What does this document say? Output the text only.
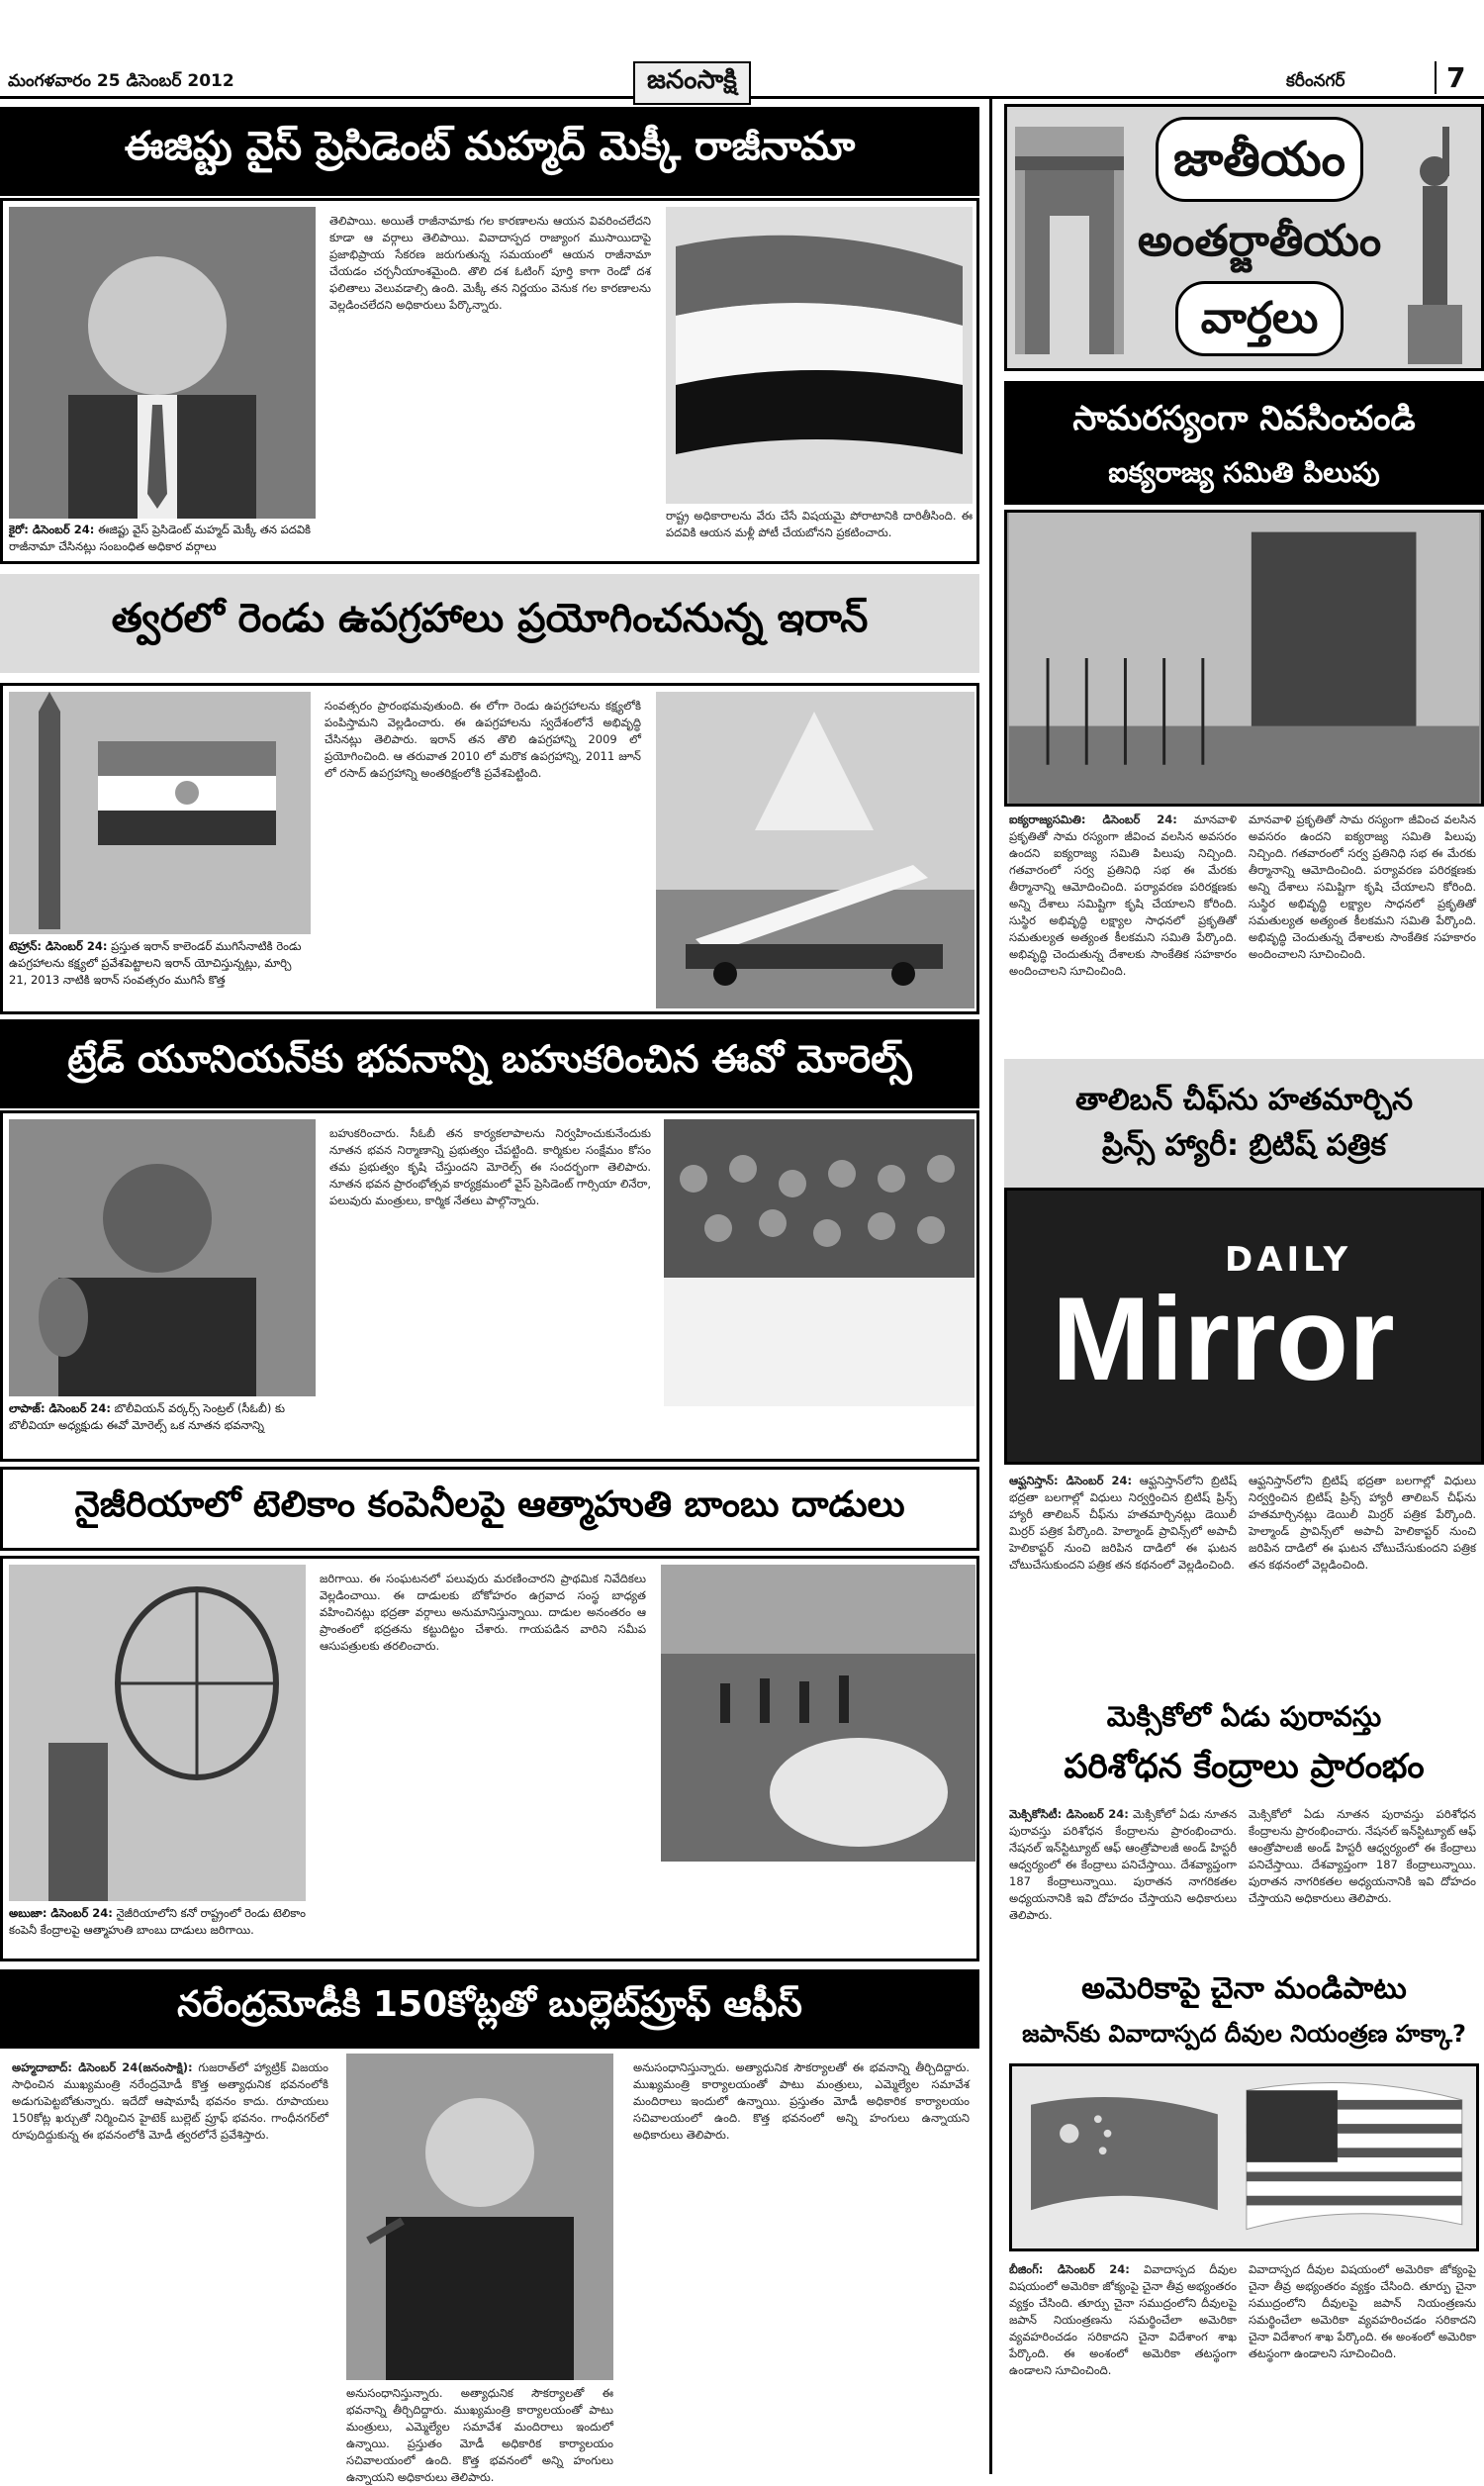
మంగళవారం 25 డిసెంబర్ 2012	జనంసాక్షి	కరీంనగర్	7
ఈజిప్టు వైస్ ప్రెసిడెంట్ మహ్మద్ మెక్కీ రాజీనామా
కైరో: డిసెంబర్ 24: ఈజిప్టు వైస్ ప్రెసిడెంట్ మహ్మద్ మెక్కీ తన పదవికి రాజీనామా చేసినట్లు సంబంధిత అధికార వర్గాలు
తెలిపాయి. అయితే రాజీనామాకు గల కారణాలను ఆయన వివరించలేదని కూడా ఆ వర్గాలు తెలిపాయి. వివాదాస్పద రాజ్యాంగ ముసాయిదాపై ప్రజాభిప్రాయ సేకరణ జరుగుతున్న సమయంలో ఆయన రాజీనామా చేయడం చర్చనీయాంశమైంది. తొలి దశ ఓటింగ్ పూర్తి కాగా రెండో దశ ఫలితాలు వెలువడాల్సి ఉంది. మెక్కీ తన నిర్ణయం వెనుక గల కారణాలను వెల్లడించలేదని అధికారులు పేర్కొన్నారు.
రాష్ట్ర అధికారాలను వేరు చేసే విషయమై పోరాటానికి దారితీసింది. ఈ పదవికి ఆయన మళ్లీ పోటీ చేయబోనని ప్రకటించారు.
త్వరలో రెండు ఉపగ్రహాలు ప్రయోగించనున్న ఇరాన్
టెహ్రాన్: డిసెంబర్ 24: ప్రస్తుత ఇరాన్ కాలెండర్ ముగిసేనాటికి రెండు ఉపగ్రహాలను కక్ష్యలో ప్రవేశపెట్టాలని ఇరాన్ యోచిస్తున్నట్లు, మార్చి 21, 2013 నాటికి ఇరాన్ సంవత్సరం ముగిసే కొత్త
సంవత్సరం ప్రారంభమవుతుంది. ఈ లోగా రెండు ఉపగ్రహాలను కక్ష్యలోకి పంపిస్తామని వెల్లడించారు. ఈ ఉపగ్రహాలను స్వదేశంలోనే అభివృద్ధి చేసినట్లు తెలిపారు. ఇరాన్ తన తొలి ఉపగ్రహాన్ని 2009 లో ప్రయోగించింది. ఆ తరువాత 2010 లో మరొక ఉపగ్రహాన్ని, 2011 జూన్ లో రసాద్ ఉపగ్రహాన్ని అంతరిక్షంలోకి ప్రవేశపెట్టింది.
ట్రేడ్ యూనియన్‌కు భవనాన్ని బహుకరించిన ఈవో మోరెల్స్
లాపాజ్: డిసెంబర్ 24: బొలీవియన్ వర్కర్స్ సెంట్రల్ (సీఓబీ) కు బొలీవియా అధ్యక్షుడు ఈవో మోరెల్స్ ఒక నూతన భవనాన్ని
బహుకరించారు. సీఓబీ తన కార్యకలాపాలను నిర్వహించుకునేందుకు నూతన భవన నిర్మాణాన్ని ప్రభుత్వం చేపట్టింది. కార్మికుల సంక్షేమం కోసం తమ ప్రభుత్వం కృషి చేస్తుందని మోరెల్స్ ఈ సందర్భంగా తెలిపారు. నూతన భవన ప్రారంభోత్సవ కార్యక్రమంలో వైస్ ప్రెసిడెంట్ గార్సియా లినేరా, పలువురు మంత్రులు, కార్మిక నేతలు పాల్గొన్నారు.
నైజీరియాలో టెలికాం కంపెనీలపై ఆత్మాహుతి బాంబు దాడులు
అబుజా: డిసెంబర్ 24: నైజీరియాలోని కనో రాష్ట్రంలో రెండు టెలికాం కంపెనీ కేంద్రాలపై ఆత్మాహుతి బాంబు దాడులు జరిగాయి.
జరిగాయి. ఈ సంఘటనలో పలువురు మరణించారని ప్రాథమిక నివేదికలు వెల్లడించాయి. ఈ దాడులకు బోకోహరం ఉగ్రవాద సంస్థ బాధ్యత వహించినట్లు భద్రతా వర్గాలు అనుమానిస్తున్నాయి. దాడుల అనంతరం ఆ ప్రాంతంలో భద్రతను కట్టుదిట్టం చేశారు. గాయపడిన వారిని సమీప ఆసుపత్రులకు తరలించారు.
నరేంద్రమోడీకి 150కోట్లతో బుల్లెట్‌ప్రూఫ్ ఆఫీస్
అహ్మదాబాద్: డిసెంబర్ 24(జనంసాక్షి): గుజరాత్‌లో హ్యాట్రిక్ విజయం సాధించిన ముఖ్యమంత్రి నరేంద్రమోడీ కొత్త అత్యాధునిక భవనంలోకి అడుగుపెట్టబోతున్నారు. ఇదేదో ఆషామాషీ భవనం కాదు. రూపాయలు 150కోట్ల ఖర్చుతో నిర్మించిన హైటెక్ బుల్లెట్ ప్రూఫ్ భవనం. గాంధీనగర్‌లో రూపుదిద్దుకున్న ఈ భవనంలోకి మోడీ త్వరలోనే ప్రవేశిస్తారు.
అనుసంధానిస్తున్నారు. అత్యాధునిక సౌకర్యాలతో ఈ భవనాన్ని తీర్చిదిద్దారు. ముఖ్యమంత్రి కార్యాలయంతో పాటు మంత్రులు, ఎమ్మెల్యేల సమావేశ మందిరాలు ఇందులో ఉన్నాయి. ప్రస్తుతం మోడీ అధికారిక కార్యాలయం సచివాలయంలో ఉంది. కొత్త భవనంలో అన్ని హంగులు ఉన్నాయని అధికారులు తెలిపారు.
అనుసంధానిస్తున్నారు. అత్యాధునిక సౌకర్యాలతో ఈ భవనాన్ని తీర్చిదిద్దారు. ముఖ్యమంత్రి కార్యాలయంతో పాటు మంత్రులు, ఎమ్మెల్యేల సమావేశ మందిరాలు ఇందులో ఉన్నాయి. ప్రస్తుతం మోడీ అధికారిక కార్యాలయం సచివాలయంలో ఉంది. కొత్త భవనంలో అన్ని హంగులు ఉన్నాయని అధికారులు తెలిపారు.
జాతీయం
అంతర్జాతీయం
వార్తలు
సామరస్యంగా నివసించండి
ఐక్యరాజ్య సమితి పిలుపు
ఐక్యరాజ్యసమితి: డిసెంబర్ 24: మానవాళి ప్రకృతితో సామ రస్యంగా జీవించ వలసిన అవసరం ఉందని ఐక్యరాజ్య సమితి పిలుపు నిచ్చింది. గతవారంలో సర్వ ప్రతినిధి సభ ఈ మేరకు తీర్మానాన్ని ఆమోదించింది. పర్యావరణ పరిరక్షణకు అన్ని దేశాలు సమిష్టిగా కృషి చేయాలని కోరింది. సుస్థిర అభివృద్ధి లక్ష్యాల సాధనలో ప్రకృతితో సమతుల్యత అత్యంత కీలకమని సమితి పేర్కొంది. అభివృద్ధి చెందుతున్న దేశాలకు సాంకేతిక సహకారం అందించాలని సూచించింది.
మానవాళి ప్రకృతితో సామ రస్యంగా జీవించ వలసిన అవసరం ఉందని ఐక్యరాజ్య సమితి పిలుపు నిచ్చింది. గతవారంలో సర్వ ప్రతినిధి సభ ఈ మేరకు తీర్మానాన్ని ఆమోదించింది. పర్యావరణ పరిరక్షణకు అన్ని దేశాలు సమిష్టిగా కృషి చేయాలని కోరింది. సుస్థిర అభివృద్ధి లక్ష్యాల సాధనలో ప్రకృతితో సమతుల్యత అత్యంత కీలకమని సమితి పేర్కొంది. అభివృద్ధి చెందుతున్న దేశాలకు సాంకేతిక సహకారం అందించాలని సూచించింది.
తాలిబన్ చీఫ్‌ను హతమార్చిన
ప్రిన్స్ హ్యారీ: బ్రిటిష్ పత్రిక
DAILY
Mirror
ఆఫ్ఘనిస్తాన్: డిసెంబర్ 24: ఆఫ్ఘనిస్తాన్‌లోని బ్రిటిష్ భద్రతా బలగాల్లో విధులు నిర్వర్తించిన బ్రిటిష్ ప్రిన్స్ హ్యారీ తాలిబన్ చీఫ్‌ను హతమార్చినట్లు డెయిలీ మిర్రర్ పత్రిక పేర్కొంది. హెల్మాండ్ ప్రావిన్స్‌లో అపాచీ హెలికాప్టర్ నుంచి జరిపిన దాడిలో ఈ ఘటన చోటుచేసుకుందని పత్రిక తన కథనంలో వెల్లడించింది.
ఆఫ్ఘనిస్తాన్‌లోని బ్రిటిష్ భద్రతా బలగాల్లో విధులు నిర్వర్తించిన బ్రిటిష్ ప్రిన్స్ హ్యారీ తాలిబన్ చీఫ్‌ను హతమార్చినట్లు డెయిలీ మిర్రర్ పత్రిక పేర్కొంది. హెల్మాండ్ ప్రావిన్స్‌లో అపాచీ హెలికాప్టర్ నుంచి జరిపిన దాడిలో ఈ ఘటన చోటుచేసుకుందని పత్రిక తన కథనంలో వెల్లడించింది.
మెక్సికోలో ఏడు పురావస్తు
పరిశోధన కేంద్రాలు ప్రారంభం
మెక్సికోసిటీ: డిసెంబర్ 24: మెక్సికోలో ఏడు నూతన పురావస్తు పరిశోధన కేంద్రాలను ప్రారంభించారు. నేషనల్ ఇన్‌స్టిట్యూట్ ఆఫ్ ఆంత్రోపాలజీ అండ్ హిస్టరీ ఆధ్వర్యంలో ఈ కేంద్రాలు పనిచేస్తాయి. దేశవ్యాప్తంగా 187 కేంద్రాలున్నాయి. పురాతన నాగరికతల అధ్యయనానికి ఇవి దోహదం చేస్తాయని అధికారులు తెలిపారు.
మెక్సికోలో ఏడు నూతన పురావస్తు పరిశోధన కేంద్రాలను ప్రారంభించారు. నేషనల్ ఇన్‌స్టిట్యూట్ ఆఫ్ ఆంత్రోపాలజీ అండ్ హిస్టరీ ఆధ్వర్యంలో ఈ కేంద్రాలు పనిచేస్తాయి. దేశవ్యాప్తంగా 187 కేంద్రాలున్నాయి. పురాతన నాగరికతల అధ్యయనానికి ఇవి దోహదం చేస్తాయని అధికారులు తెలిపారు.
అమెరికాపై చైనా మండిపాటు
జపాన్‌కు వివాదాస్పద దీవుల నియంత్రణ హక్కా?
బీజింగ్: డిసెంబర్ 24: వివాదాస్పద దీవుల విషయంలో అమెరికా జోక్యంపై చైనా తీవ్ర అభ్యంతరం వ్యక్తం చేసింది. తూర్పు చైనా సముద్రంలోని దీవులపై జపాన్ నియంత్రణను సమర్థించేలా అమెరికా వ్యవహరించడం సరికాదని చైనా విదేశాంగ శాఖ పేర్కొంది. ఈ అంశంలో అమెరికా తటస్థంగా ఉండాలని సూచించింది.
వివాదాస్పద దీవుల విషయంలో అమెరికా జోక్యంపై చైనా తీవ్ర అభ్యంతరం వ్యక్తం చేసింది. తూర్పు చైనా సముద్రంలోని దీవులపై జపాన్ నియంత్రణను సమర్థించేలా అమెరికా వ్యవహరించడం సరికాదని చైనా విదేశాంగ శాఖ పేర్కొంది. ఈ అంశంలో అమెరికా తటస్థంగా ఉండాలని సూచించింది.
